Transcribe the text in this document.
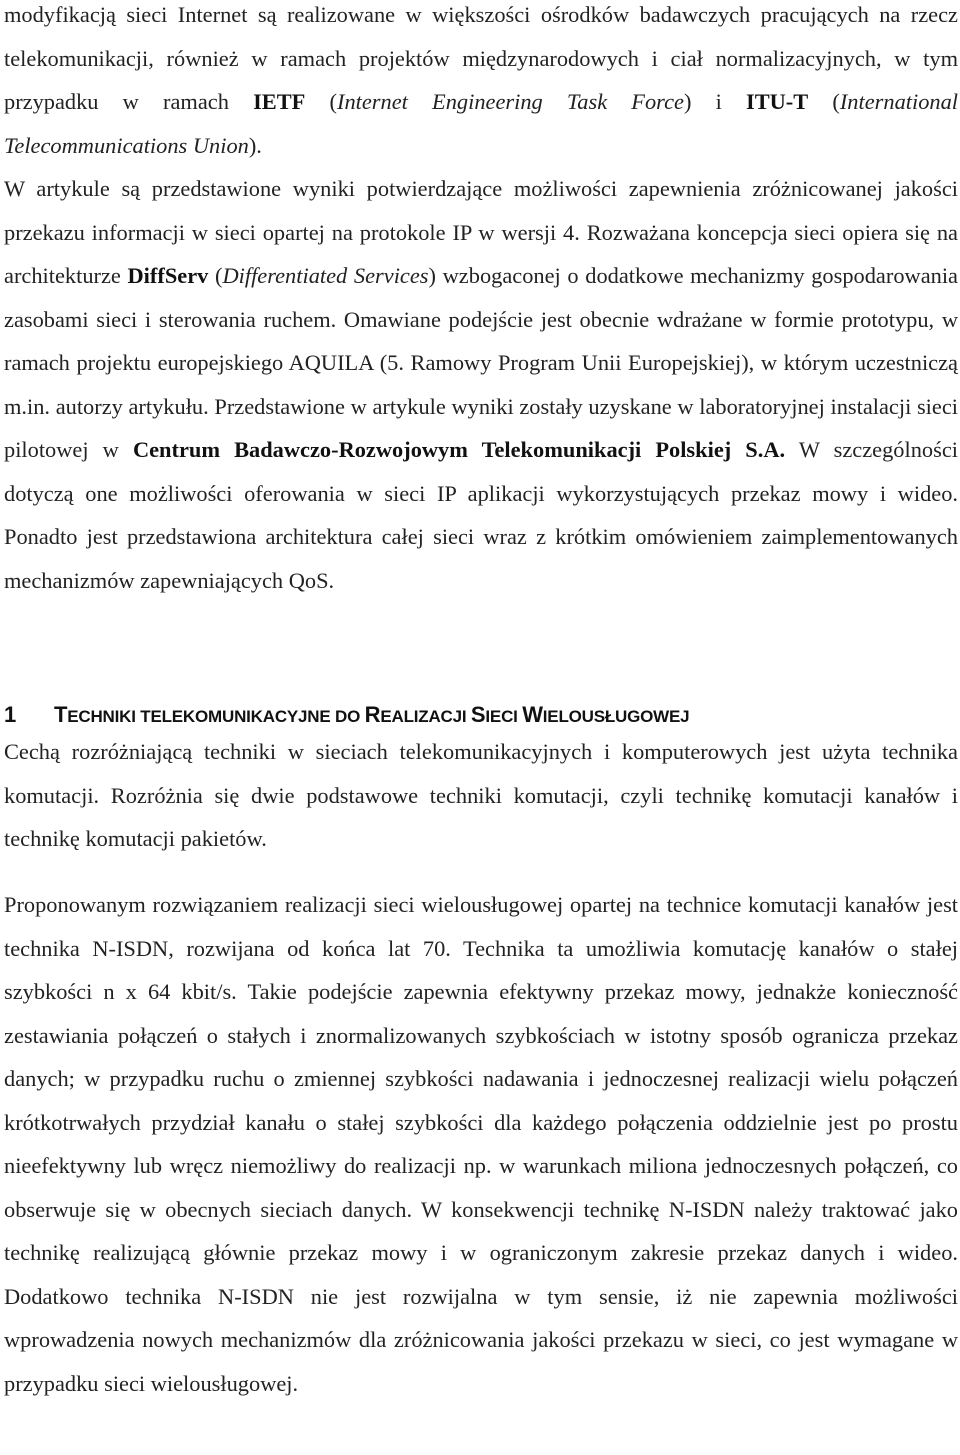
modyfikacją sieci Internet są realizowane w większości ośrodków badawczych pracujących na rzecz telekomunikacji, również w ramach projektów międzynarodowych i ciał normalizacyjnych, w tym przypadku w ramach IETF (Internet Engineering Task Force) i ITU-T (International Telecommunications Union).
W artykule są przedstawione wyniki potwierdzające możliwości zapewnienia zróżnicowanej jakości przekazu informacji w sieci opartej na protokole IP w wersji 4. Rozważana koncepcja sieci opiera się na architekturze DiffServ (Differentiated Services) wzbogaconej o dodatkowe mechanizmy gospodarowania zasobami sieci i sterowania ruchem. Omawiane podejście jest obecnie wdrażane w formie prototypu, w ramach projektu europejskiego AQUILA (5. Ramowy Program Unii Europejskiej), w którym uczestniczą m.in. autorzy artykułu. Przedstawione w artykule wyniki zostały uzyskane w laboratoryjnej instalacji sieci pilotowej w Centrum Badawczo-Rozwojowym Telekomunikacji Polskiej S.A. W szczególności dotyczą one możliwości oferowania w sieci IP aplikacji wykorzystujących przekaz mowy i wideo. Ponadto jest przedstawiona architektura całej sieci wraz z krótkim omówieniem zaimplementowanych mechanizmów zapewniających QoS.

1 TECHNIKI TELEKOMUNIKACYJNE DO REALIZACJI SIECI WIELOUSŁUGOWEJ

Cechą rozróżniającą techniki w sieciach telekomunikacyjnych i komputerowych jest użyta technika komutacji. Rozróżnia się dwie podstawowe techniki komutacji, czyli technikę komutacji kanałów i technikę komutacji pakietów.

Proponowanym rozwiązaniem realizacji sieci wielousługowej opartej na technice komutacji kanałów jest technika N-ISDN, rozwijana od końca lat 70. Technika ta umożliwia komutację kanałów o stałej szybkości n x 64 kbit/s. Takie podejście zapewnia efektywny przekaz mowy, jednakże konieczność zestawiania połączeń o stałych i znormalizowanych szybkościach w istotny sposób ogranicza przekaz danych; w przypadku ruchu o zmiennej szybkości nadawania i jednoczesnej realizacji wielu połączeń krótkotrwałych przydział kanału o stałej szybkości dla każdego połączenia oddzielnie jest po prostu nieefektywny lub wręcz niemożliwy do realizacji np. w warunkach miliona jednoczesnych połączeń, co obserwuje się w obecnych sieciach danych. W konsekwencji technikę N-ISDN należy traktować jako technikę realizującą głównie przekaz mowy i w ograniczonym zakresie przekaz danych i wideo. Dodatkowo technika N-ISDN nie jest rozwijalna w tym sensie, iż nie zapewnia możliwości wprowadzenia nowych mechanizmów dla zróżnicowania jakości przekazu w sieci, co jest wymagane w przypadku sieci wielousługowej.
